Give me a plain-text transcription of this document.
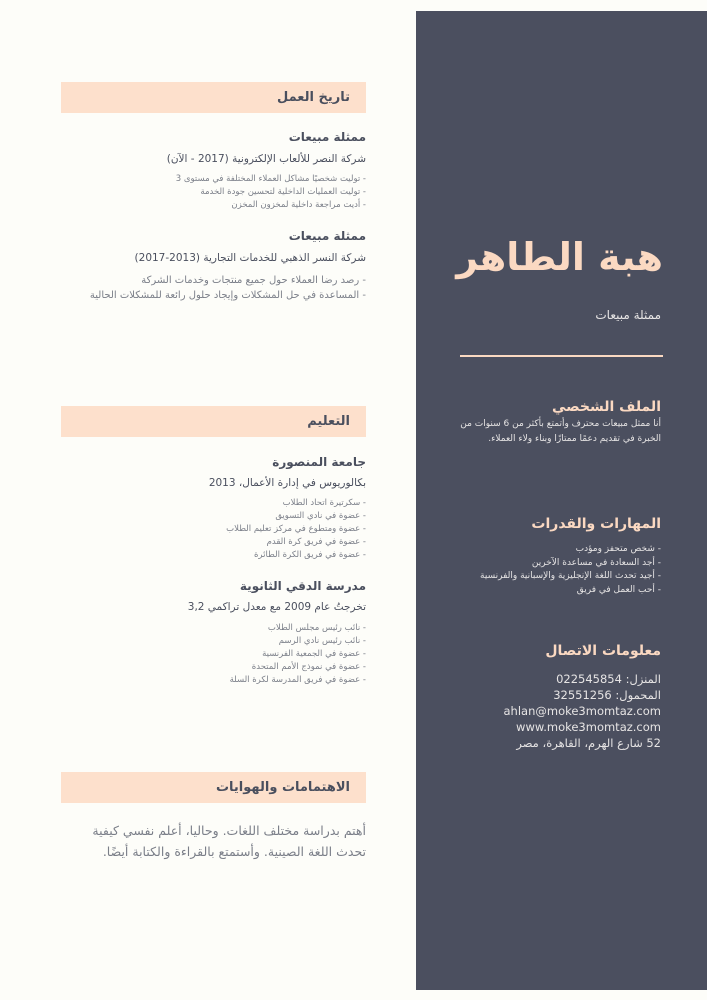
هبة الطاهر
ممثلة مبيعات
الملف الشخصي

أنا ممثل مبيعات محترف وأتمتع بأكثر من 6 سنوات من الخبرة في تقديم دعمًا ممتازًا وبناء ولاء العملاء.

المهارات والقدرات
- شخص متحفز ومؤدب
- أجد السعادة في مساعدة الآخرين
- أجيد تحدث اللغة الإنجليزية والإسبانية والفرنسية
- أحب العمل في فريق
معلومات الاتصال
المنزل: 022545854
المحمول: 32551256
ahlan@moke3momtaz.com
www.moke3momtaz.com
52 شارع الهرم، القاهرة، مصر
تاريخ العمل
ممثلة مبيعات
شركة النصر للألعاب الإلكترونية (2017 - الآن)
- توليت شخصيًا مشاكل العملاء المختلفة في مستوى 3
- توليت العمليات الداخلية لتحسين جودة الخدمة
- أديت مراجعة داخلية لمخزون المخزن
ممثلة مبيعات
شركة النسر الذهبي للخدمات التجارية (2013-2017)
- رصد رضا العملاء حول جميع منتجات وخدمات الشركة
- المساعدة في حل المشكلات وإيجاد حلول رائعة للمشكلات الحالية
التعليم
جامعة المنصورة
بكالوريوس في إدارة الأعمال، 2013
- سكرتيرة اتحاد الطلاب
- عضوة في نادي التسويق
- عضوة ومتطوع في مركز تعليم الطلاب
- عضوة في فريق كرة القدم
- عضوة في فريق الكرة الطائرة
مدرسة الدقي الثانوية
تخرجتُ عام 2009 مع معدل تراكمي 3,2
- نائب رئيس مجلس الطلاب
- نائب رئيس نادي الرسم
- عضوة في الجمعية الفرنسية
- عضوة في نموذج الأمم المتحدة
- عضوة في فريق المدرسة لكرة السلة
الاهتمامات والهوايات

أهتم بدراسة مختلف اللغات. وحاليا، أعلم نفسي كيفية تحدث اللغة الصينية. وأستمتع بالقراءة والكتابة أيضًا.
